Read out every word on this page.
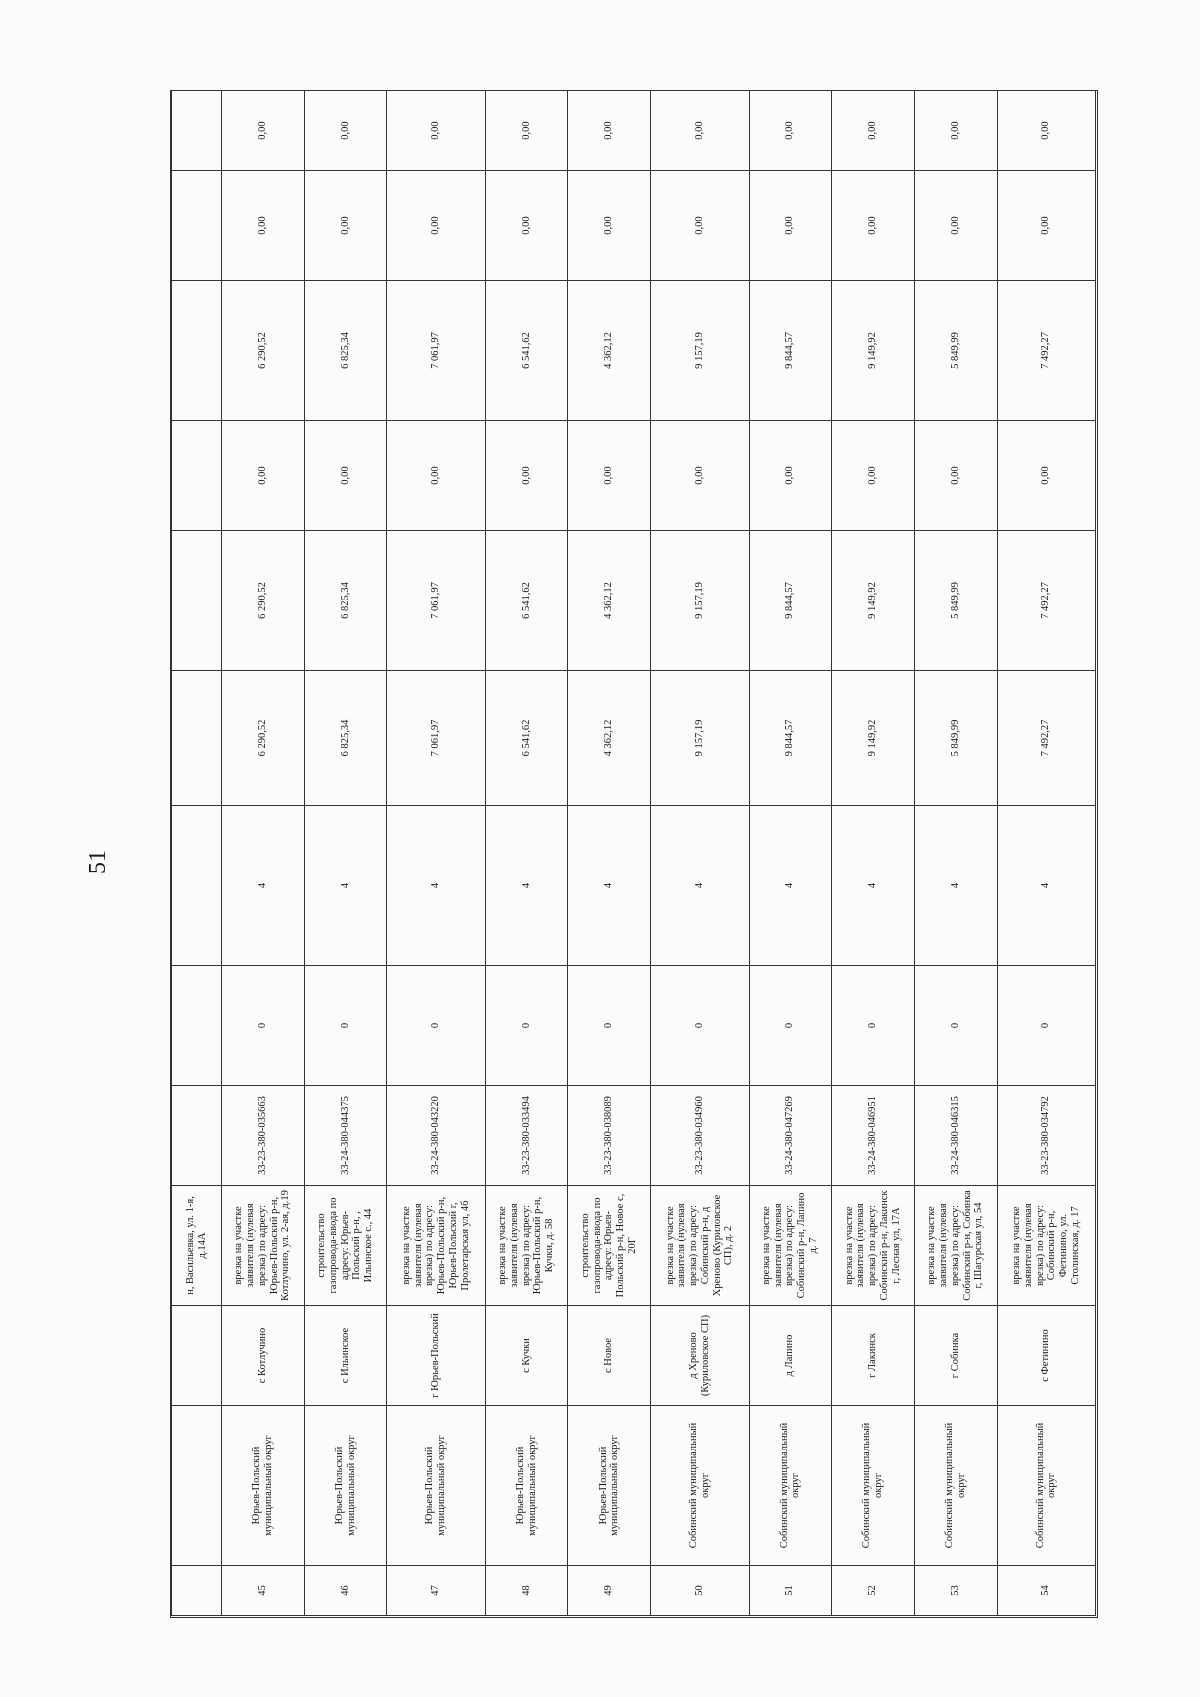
51
			н, Васильевка, ул. 1-я, д.14А									
45	Юрьев-Польский муниципальный округ	с Котлучино	врезка на участке заявителя (нулевая врезка) по адресу: Юрьев-Польский р-н, Котлучино, ул. 2-ая, д.19	33-23-380-035663	0	4	6 290,52	6 290,52	0,00	6 290,52	0,00	0,00
46	Юрьев-Польский муниципальный округ	с Ильинское	строительство газопровода-ввода по адресу: Юрьев-Польский р-н, , Ильинское с., 44	33-24-380-044375	0	4	6 825,34	6 825,34	0,00	6 825,34	0,00	0,00
47	Юрьев-Польский муниципальный округ	г Юрьев-Польский	врезка на участке заявителя (нулевая врезка) по адресу: Юрьев-Польский р-н, Юрьев-Польский г, Пролетарская ул, 4б	33-24-380-043220	0	4	7 061,97	7 061,97	0,00	7 061,97	0,00	0,00
48	Юрьев-Польский муниципальный округ	с Кучки	врезка на участке заявителя (нулевая врезка) по адресу: Юрьев-Польский р-н, Кучки, д. 58	33-23-380-033494	0	4	6 541,62	6 541,62	0,00	6 541,62	0,00	0,00
49	Юрьев-Польский муниципальный округ	с Новое	строительство газопровода-ввода по адресу: Юрьев-Польский р-н, Новое с, 20Г	33-23-380-038089	0	4	4 362,12	4 362,12	0,00	4 362,12	0,00	0,00
50	Собинский муниципальный округ	д Хреново (Куриловское СП)	врезка на участке заявителя (нулевая врезка) по адресу: Собинский р-н, д Хреново (Куриловское СП), д. 2	33-23-380-034960	0	4	9 157,19	9 157,19	0,00	9 157,19	0,00	0,00
51	Собинский муниципальный округ	д Лапино	врезка на участке заявителя (нулевая врезка) по адресу: Собинский р-н, Лапино д. 7	33-24-380-047269	0	4	9 844,57	9 844,57	0,00	9 844,57	0,00	0,00
52	Собинский муниципальный округ	г Лакинск	врезка на участке заявителя (нулевая врезка) по адресу: Собинский р-н, Лакинск г, Лесная ул, 17А	33-24-380-046951	0	4	9 149,92	9 149,92	0,00	9 149,92	0,00	0,00
53	Собинский муниципальный округ	г Собинка	врезка на участке заявителя (нулевая врезка) по адресу: Собинский р-н, Собинка г, Шагурская ул, 54	33-24-380-046315	0	4	5 849,99	5 849,99	0,00	5 849,99	0,00	0,00
54	Собинский муниципальный округ	с Фетинино	врезка на участке заявителя (нулевая врезка) по адресу: Собинский р-н, Фетинино, ул. Столинская, д. 17	33-23-380-034792	0	4	7 492,27	7 492,27	0,00	7 492,27	0,00	0,00
